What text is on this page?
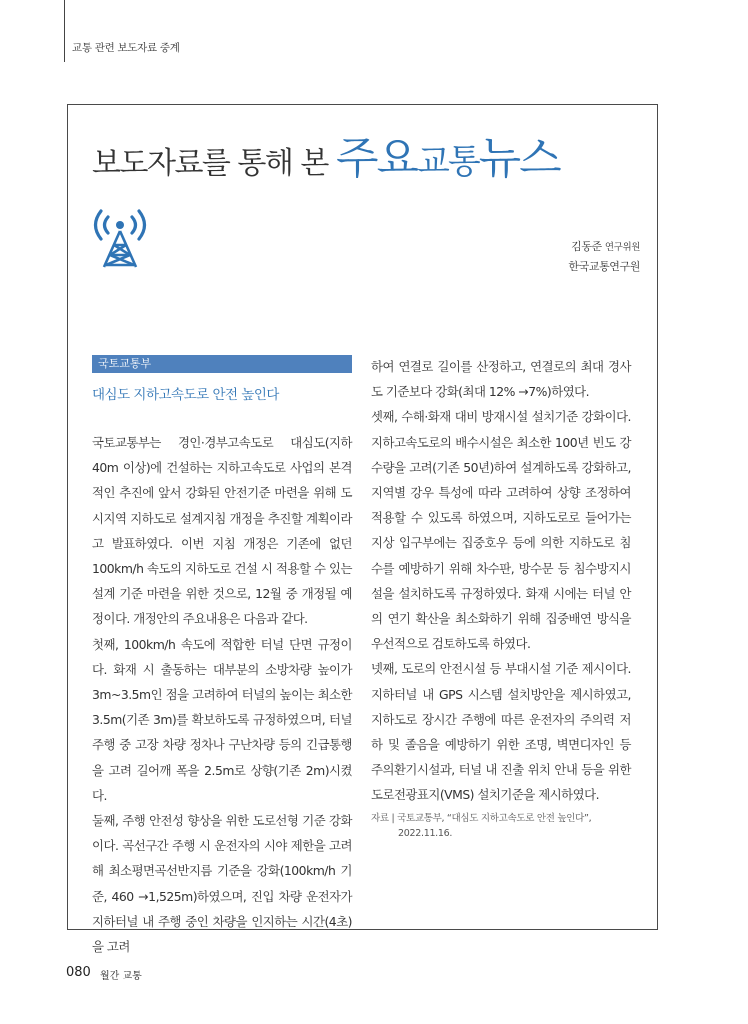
교통 관련 보도자료 중계
보도자료를 통해 본 주요교통뉴스
김동준 연구위원
한국교통연구원
국토교통부
대심도 지하고속도로 안전 높인다

국토교통부는 경인·경부고속도로 대심도(지하 40m 이상)에 건설하는 지하고속도로 사업의 본격적인 추진에 앞서 강화된 안전기준 마련을 위해 도시지역 지하도로 설계지침 개정을 추진할 계획이라고 발표하였다. 이번 지침 개정은 기존에 없던 100km/h 속도의 지하도로 건설 시 적용할 수 있는 설계 기준 마련을 위한 것으로, 12월 중 개정될 예정이다. 개정안의 주요내용은 다음과 같다.

첫째, 100km/h 속도에 적합한 터널 단면 규정이다. 화재 시 출동하는 대부분의 소방차량 높이가 3m~3.5m인 점을 고려하여 터널의 높이는 최소한 3.5m(기존 3m)를 확보하도록 규정하였으며, 터널 주행 중 고장 차량 정차나 구난차량 등의 긴급통행을 고려 길어깨 폭을 2.5m로 상향(기존 2m)시켰다.

둘째, 주행 안전성 향상을 위한 도로선형 기준 강화이다. 곡선구간 주행 시 운전자의 시야 제한을 고려해 최소평면곡선반지름 기준을 강화(100km/h 기준, 460 →1,525m)하였으며, 진입 차량 운전자가 지하터널 내 주행 중인 차량을 인지하는 시간(4초)을 고려

하여 연결로 길이를 산정하고, 연결로의 최대 경사도 기준보다 강화(최대 12% →7%)하였다.

셋째, 수해·화재 대비 방재시설 설치기준 강화이다. 지하고속도로의 배수시설은 최소한 100년 빈도 강수량을 고려(기존 50년)하여 설계하도록 강화하고, 지역별 강우 특성에 따라 고려하여 상향 조정하여 적용할 수 있도록 하였으며, 지하도로로 들어가는 지상 입구부에는 집중호우 등에 의한 지하도로 침수를 예방하기 위해 차수판, 방수문 등 침수방지시설을 설치하도록 규정하였다. 화재 시에는 터널 안의 연기 확산을 최소화하기 위해 집중배연 방식을 우선적으로 검토하도록 하였다.

넷째, 도로의 안전시설 등 부대시설 기준 제시이다. 지하터널 내 GPS 시스템 설치방안을 제시하였고, 지하도로 장시간 주행에 따른 운전자의 주의력 저하 및 졸음을 예방하기 위한 조명, 벽면디자인 등 주의환기시설과, 터널 내 진출 위치 안내 등을 위한 도로전광표지(VMS) 설치기준을 제시하였다.

자료 | 국토교통부, “대심도 지하고속도로 안전 높인다”,
2022.11.16.
080 월간 교통
